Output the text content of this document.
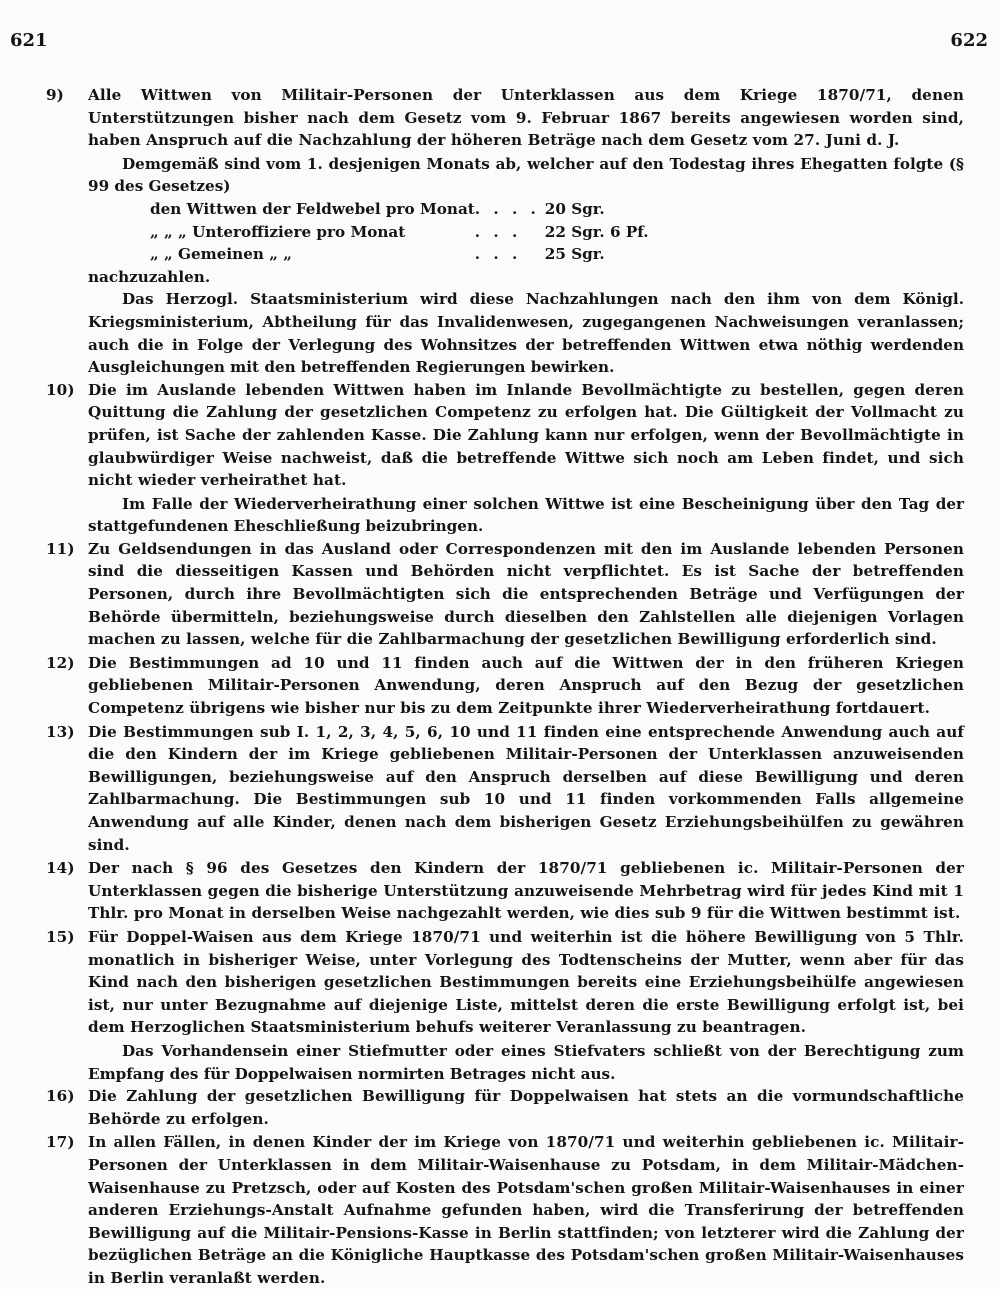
621	622
9) Alle Wittwen von Militair-Personen der Unterklassen aus dem Kriege 1870/71, denen Unterstützungen bisher nach dem Gesetz vom 9. Februar 1867 bereits angewiesen worden sind, haben Anspruch auf die Nachzahlung der höheren Beträge nach dem Gesetz vom 27. Juni d. J.

Demgemäß sind vom 1. desjenigen Monats ab, welcher auf den Todestag ihres Ehegatten folgte (§ 99 des Gesetzes)

den Wittwen der Feldwebel pro Monat	. . . .	20 Sgr.
„ „ „ Unteroffiziere pro Monat	. . .	22 Sgr. 6 Pf.
„ „ Gemeinen „ „	. . .	25 Sgr.

nachzuzahlen.

Das Herzogl. Staatsministerium wird diese Nachzahlungen nach den ihm von dem Königl. Kriegsministerium, Abtheilung für das Invalidenwesen, zugegangenen Nachweisungen veranlassen; auch die in Folge der Verlegung des Wohnsitzes der betreffenden Wittwen etwa nöthig werdenden Ausgleichungen mit den betreffenden Regierungen bewirken.

10) Die im Auslande lebenden Wittwen haben im Inlande Bevollmächtigte zu bestellen, gegen deren Quittung die Zahlung der gesetzlichen Competenz zu erfolgen hat. Die Gültigkeit der Vollmacht zu prüfen, ist Sache der zahlenden Kasse. Die Zahlung kann nur erfolgen, wenn der Bevollmächtigte in glaubwürdiger Weise nachweist, daß die betreffende Wittwe sich noch am Leben findet, und sich nicht wieder verheirathet hat.

Im Falle der Wiederverheirathung einer solchen Wittwe ist eine Bescheinigung über den Tag der stattgefundenen Eheschließung beizubringen.

11) Zu Geldsendungen in das Ausland oder Correspondenzen mit den im Auslande lebenden Personen sind die diesseitigen Kassen und Behörden nicht verpflichtet. Es ist Sache der betreffenden Personen, durch ihre Bevollmächtigten sich die entsprechenden Beträge und Verfügungen der Behörde übermitteln, beziehungsweise durch dieselben den Zahlstellen alle diejenigen Vorlagen machen zu lassen, welche für die Zahlbarmachung der gesetzlichen Bewilligung erforderlich sind.
12) Die Bestimmungen ad 10 und 11 finden auch auf die Wittwen der in den früheren Kriegen gebliebenen Militair-Personen Anwendung, deren Anspruch auf den Bezug der gesetzlichen Competenz übrigens wie bisher nur bis zu dem Zeitpunkte ihrer Wiederverheirathung fortdauert.
13) Die Bestimmungen sub I. 1, 2, 3, 4, 5, 6, 10 und 11 finden eine entsprechende Anwendung auch auf die den Kindern der im Kriege gebliebenen Militair-Personen der Unterklassen anzuweisenden Bewilligungen, beziehungsweise auf den Anspruch derselben auf diese Bewilligung und deren Zahlbarmachung. Die Bestimmungen sub 10 und 11 finden vorkommenden Falls allgemeine Anwendung auf alle Kinder, denen nach dem bisherigen Gesetz Erziehungsbeihülfen zu gewähren sind.
14) Der nach § 96 des Gesetzes den Kindern der 1870/71 gebliebenen ic. Militair-Personen der Unterklassen gegen die bisherige Unterstützung anzuweisende Mehrbetrag wird für jedes Kind mit 1 Thlr. pro Monat in derselben Weise nachgezahlt werden, wie dies sub 9 für die Wittwen bestimmt ist.
15) Für Doppel-Waisen aus dem Kriege 1870/71 und weiterhin ist die höhere Bewilligung von 5 Thlr. monatlich in bisheriger Weise, unter Vorlegung des Todtenscheins der Mutter, wenn aber für das Kind nach den bisherigen gesetzlichen Bestimmungen bereits eine Erziehungsbeihülfe angewiesen ist, nur unter Bezugnahme auf diejenige Liste, mittelst deren die erste Bewilligung erfolgt ist, bei dem Herzoglichen Staatsministerium behufs weiterer Veranlassung zu beantragen.

Das Vorhandensein einer Stiefmutter oder eines Stiefvaters schließt von der Berechtigung zum Empfang des für Doppelwaisen normirten Betrages nicht aus.

16) Die Zahlung der gesetzlichen Bewilligung für Doppelwaisen hat stets an die vormundschaftliche Behörde zu erfolgen.
17) In allen Fällen, in denen Kinder der im Kriege von 1870/71 und weiterhin gebliebenen ic. Militair-Personen der Unterklassen in dem Militair-Waisenhause zu Potsdam, in dem Militair-Mädchen-Waisenhause zu Pretzsch, oder auf Kosten des Potsdam'schen großen Militair-Waisenhauses in einer anderen Erziehungs-Anstalt Aufnahme gefunden haben, wird die Transferirung der betreffenden Bewilligung auf die Militair-Pensions-Kasse in Berlin stattfinden; von letzterer wird die Zahlung der bezüglichen Beträge an die Königliche Hauptkasse des Potsdam'schen großen Militair-Waisenhauses in Berlin veranlaßt werden.
